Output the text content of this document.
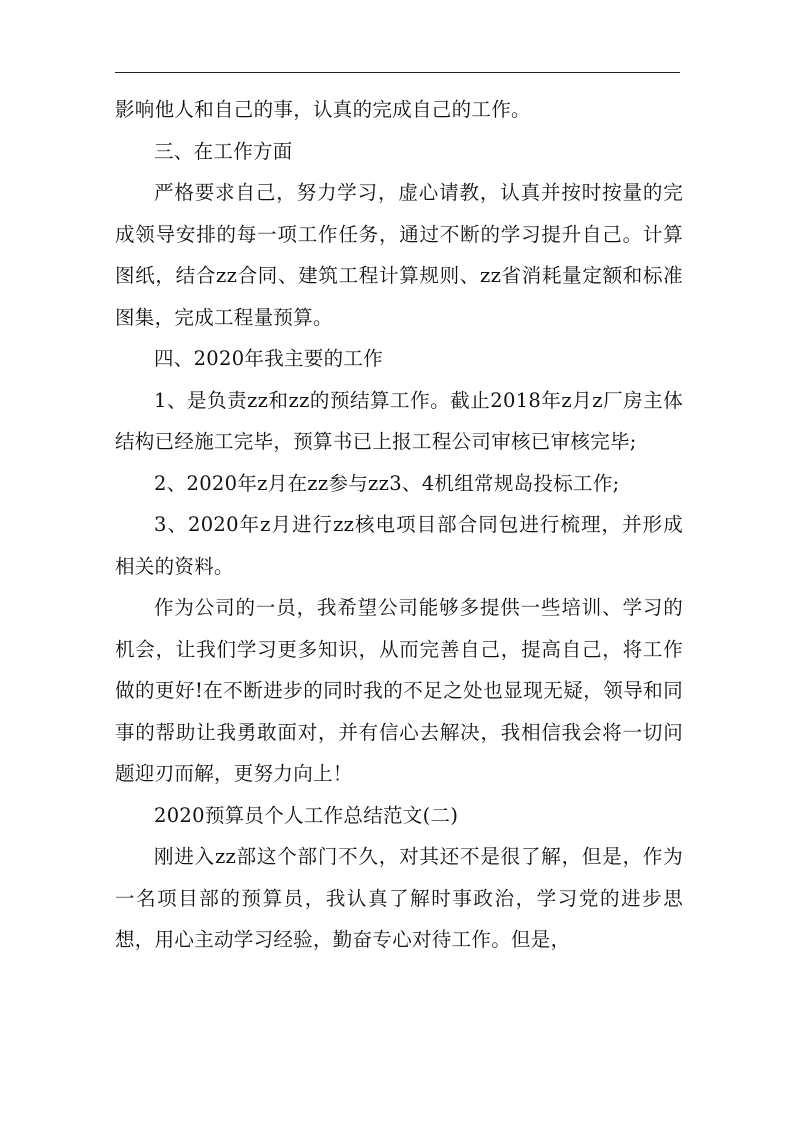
影响他人和自己的事，认真的完成自己的工作。

三、在工作方面

严格要求自己，努力学习，虚心请教，认真并按时按量的完成领导安排的每一项工作任务，通过不断的学习提升自己。计算图纸，结合zz合同、建筑工程计算规则、zz省消耗量定额和标准图集，完成工程量预算。

四、2020年我主要的工作

1、是负责zz和zz的预结算工作。截止2018年z月z厂房主体结构已经施工完毕，预算书已上报工程公司审核已审核完毕;

2、2020年z月在zz参与zz3、4机组常规岛投标工作;

3、2020年z月进行zz核电项目部合同包进行梳理，并形成相关的资料。

作为公司的一员，我希望公司能够多提供一些培训、学习的机会，让我们学习更多知识，从而完善自己，提高自己，将工作做的更好!在不断进步的同时我的不足之处也显现无疑，领导和同事的帮助让我勇敢面对，并有信心去解决，我相信我会将一切问题迎刃而解，更努力向上！

2020预算员个人工作总结范文(二)

刚进入zz部这个部门不久，对其还不是很了解，但是，作为一名项目部的预算员，我认真了解时事政治，学习党的进步思想，用心主动学习经验，勤奋专心对待工作。但是，
